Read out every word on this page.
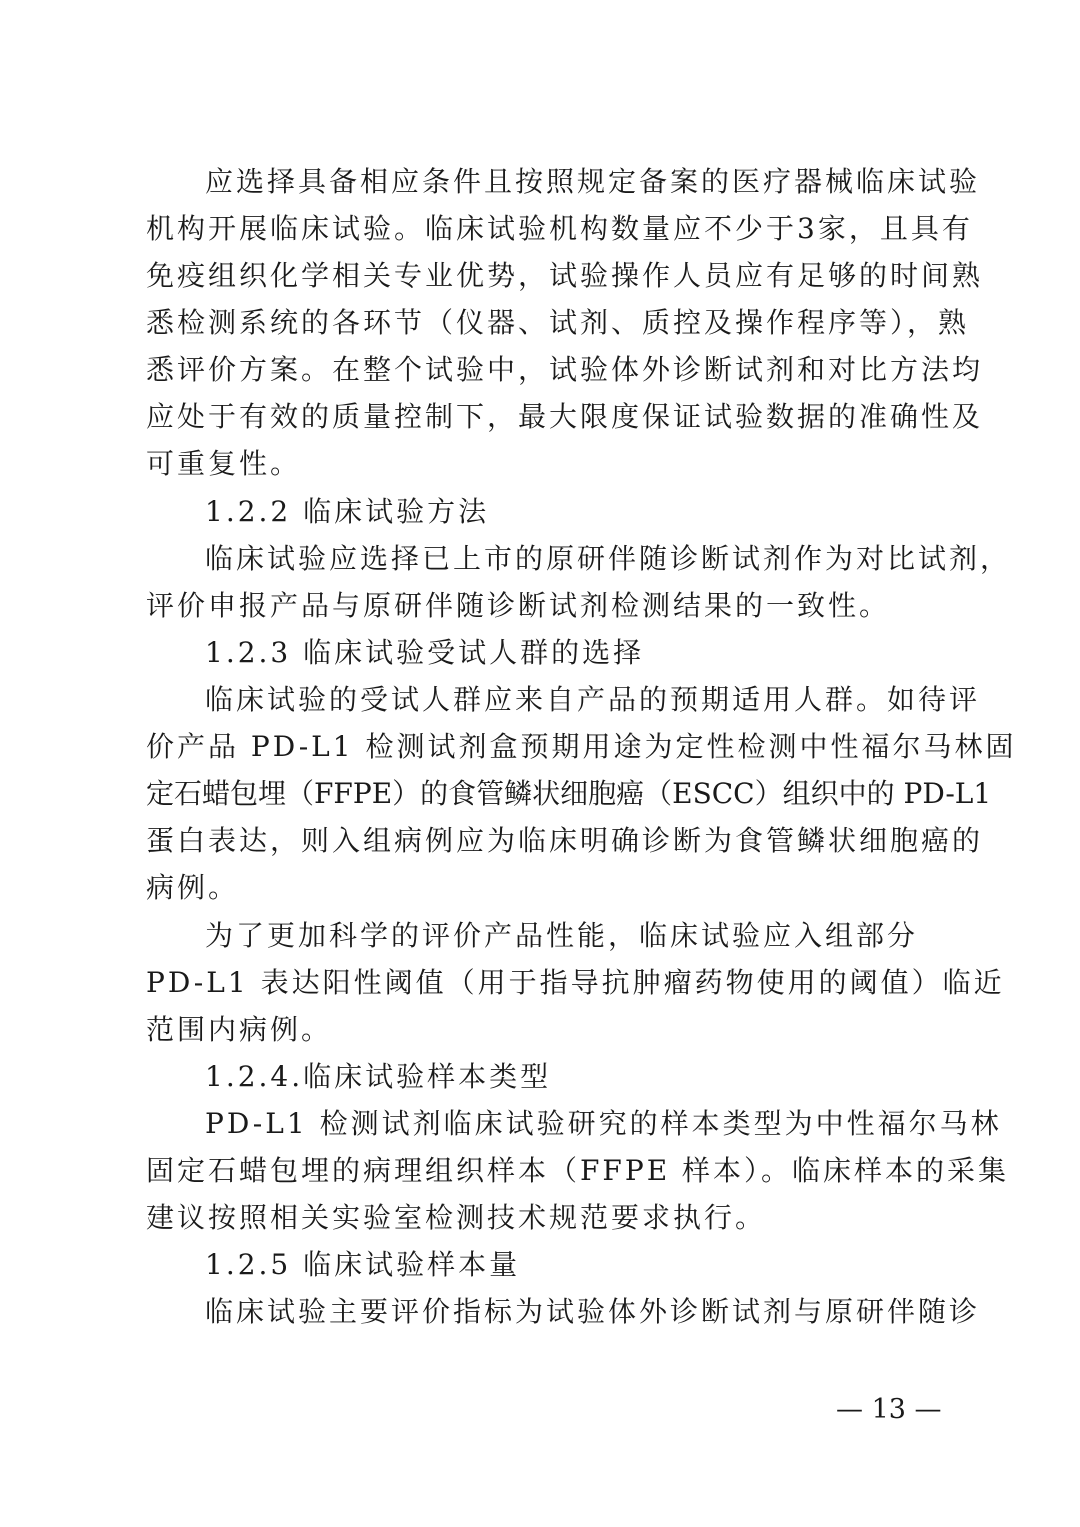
应选择具备相应条件且按照规定备案的医疗器械临床试验
机构开展临床试验。临床试验机构数量应不少于3家，且具有
免疫组织化学相关专业优势，试验操作人员应有足够的时间熟
悉检测系统的各环节（仪器、试剂、质控及操作程序等），熟
悉评价方案。在整个试验中，试验体外诊断试剂和对比方法均
应处于有效的质量控制下，最大限度保证试验数据的准确性及
可重复性。
1.2.2 临床试验方法
临床试验应选择已上市的原研伴随诊断试剂作为对比试剂，
评价申报产品与原研伴随诊断试剂检测结果的一致性。
1.2.3 临床试验受试人群的选择
临床试验的受试人群应来自产品的预期适用人群。如待评
价产品 PD-L1 检测试剂盒预期用途为定性检测中性福尔马林固
定石蜡包埋（FFPE）的食管鳞状细胞癌（ESCC）组织中的 PD-L1
蛋白表达，则入组病例应为临床明确诊断为食管鳞状细胞癌的
病例。
为了更加科学的评价产品性能，临床试验应入组部分
PD-L1 表达阳性阈值（用于指导抗肿瘤药物使用的阈值）临近
范围内病例。
1.2.4.临床试验样本类型
PD-L1 检测试剂临床试验研究的样本类型为中性福尔马林
固定石蜡包埋的病理组织样本（FFPE 样本）。临床样本的采集
建议按照相关实验室检测技术规范要求执行。
1.2.5 临床试验样本量
临床试验主要评价指标为试验体外诊断试剂与原研伴随诊
— 13 —
